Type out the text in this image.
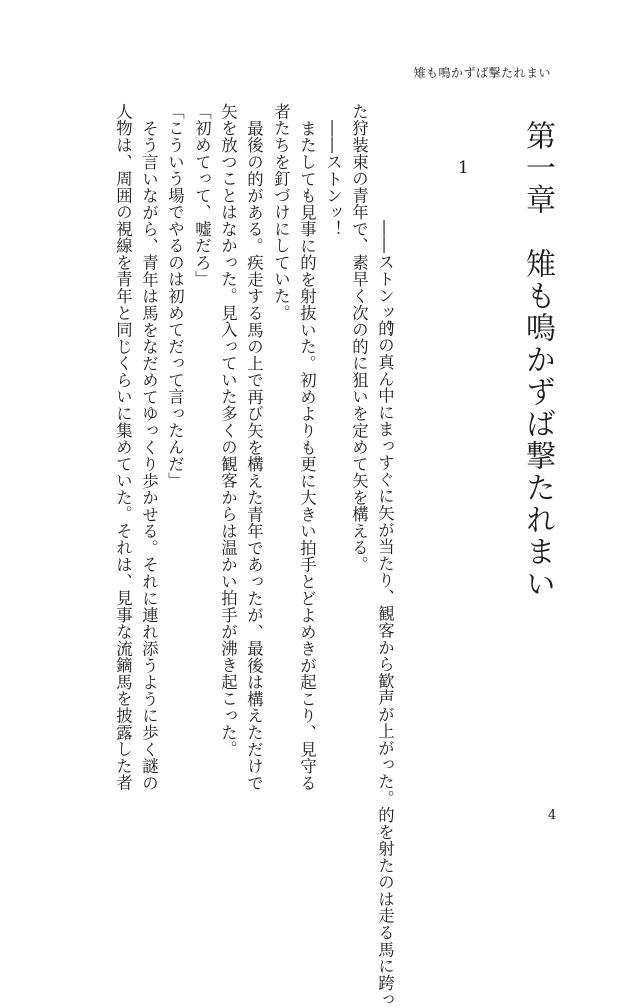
雉も鳴かずば撃たれまい
第一章　雉も鳴かずば撃たれまい
1
――ストンッ！
的の真ん中にまっすぐに矢が当たり、観客から歓声が上がった。的を射たのは走る馬に跨っ
た狩装束の青年で、素早く次の的に狙いを定めて矢を構える。
――ストンッ！
またしても見事に的を射抜いた。初めよりも更に大きい拍手とどよめきが起こり、見守る
者たちを釘づけにしていた。
最後の的がある。疾走する馬の上で再び矢を構えた青年であったが、最後は構えただけで
矢を放つことはなかった。見入っていた多くの観客からは温かい拍手が沸き起こった。
「初めてって、嘘だろ」
「こういう場でやるのは初めてだって言ったんだ」
そう言いながら、青年は馬をなだめてゆっくり歩かせる。それに連れ添うように歩く謎の
人物は、周囲の視線を青年と同じくらいに集めていた。それは、見事な流鏑馬を披露した者
4
